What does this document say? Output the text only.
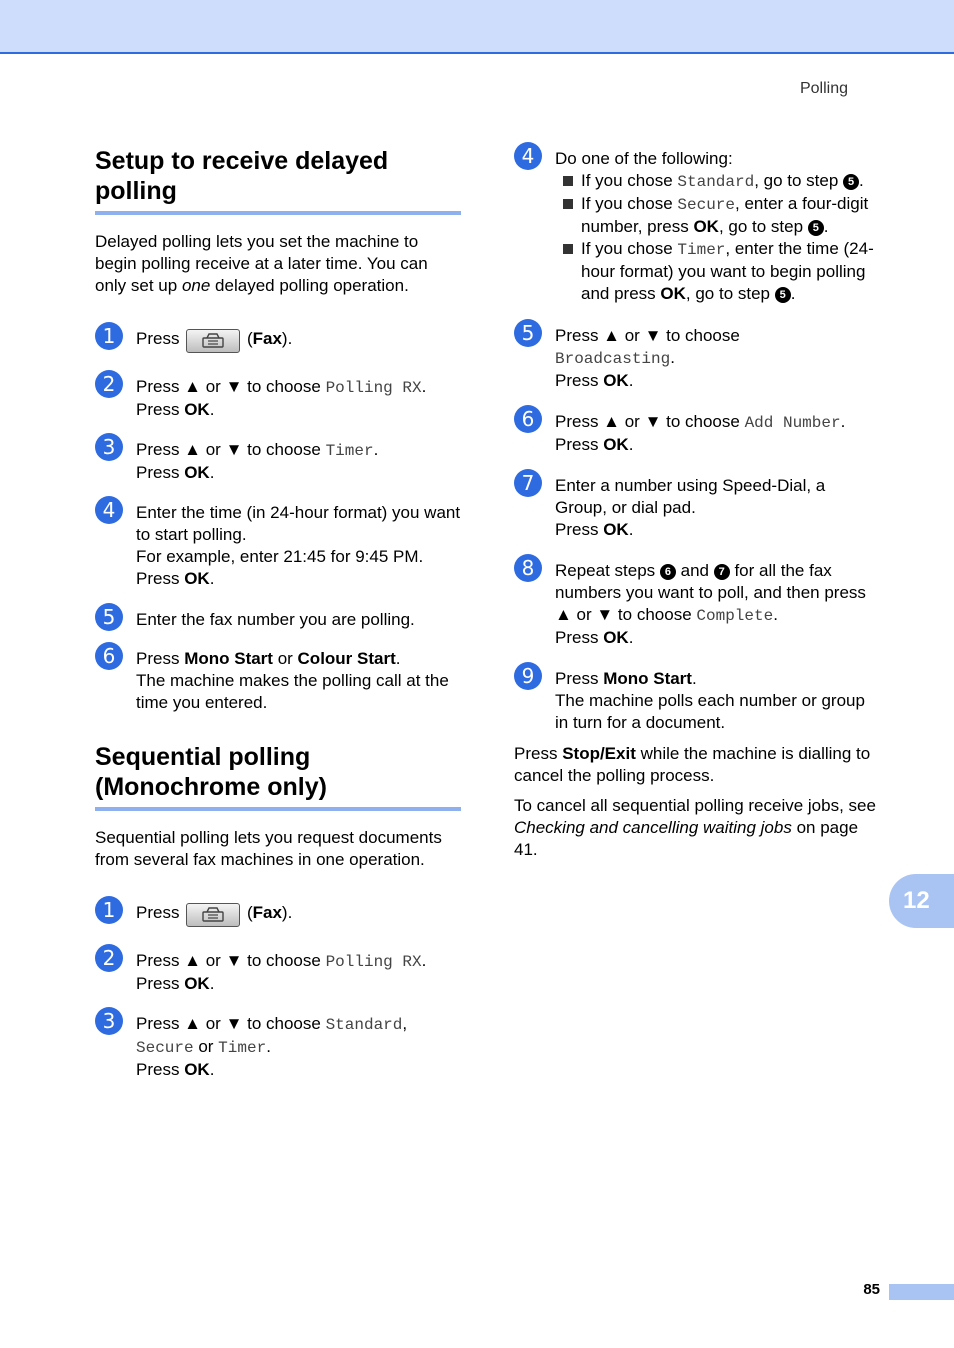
Polling
Setup to receive delayed polling
Delayed polling lets you set the machine to begin polling receive at a later time. You can only set up one delayed polling operation.
1	Press	(Fax).
2	Press ▲ or ▼ to choose Polling RX.
Press OK.
3	Press ▲ or ▼ to choose Timer.
Press OK.
4	Enter the time (in 24-hour format) you want to start polling.
For example, enter 21:45 for 9:45 PM.
Press OK.
5	Enter the fax number you are polling.
6	Press Mono Start or Colour Start.
The machine makes the polling call at the time you entered.
Sequential polling (Monochrome only)
Sequential polling lets you request documents from several fax machines in one operation.
1	Press	(Fax).
2	Press ▲ or ▼ to choose Polling RX.
Press OK.
3	Press ▲ or ▼ to choose Standard,
Secure or Timer.
Press OK.
4	Do one of the following:
If you chose Standard, go to step 5 .
If you chose Secure, enter a four-digit number, press OK, go to step 5 .
If you chose Timer, enter the time (24-hour format) you want to begin polling and press OK, go to step 5 .
5	Press ▲ or ▼ to choose
Broadcasting.
Press OK.
6	Press ▲ or ▼ to choose Add Number.
Press OK.
7	Enter a number using Speed-Dial, a Group, or dial pad.
Press OK.
8	Repeat steps 6 and 7 for all the fax numbers you want to poll, and then press ▲ or ▼ to choose Complete.
Press OK.
9	Press Mono Start.
The machine polls each number or group in turn for a document.
Press Stop/Exit while the machine is dialling to cancel the polling process.
To cancel all sequential polling receive jobs, see Checking and cancelling waiting jobs on page 41.
12
85
